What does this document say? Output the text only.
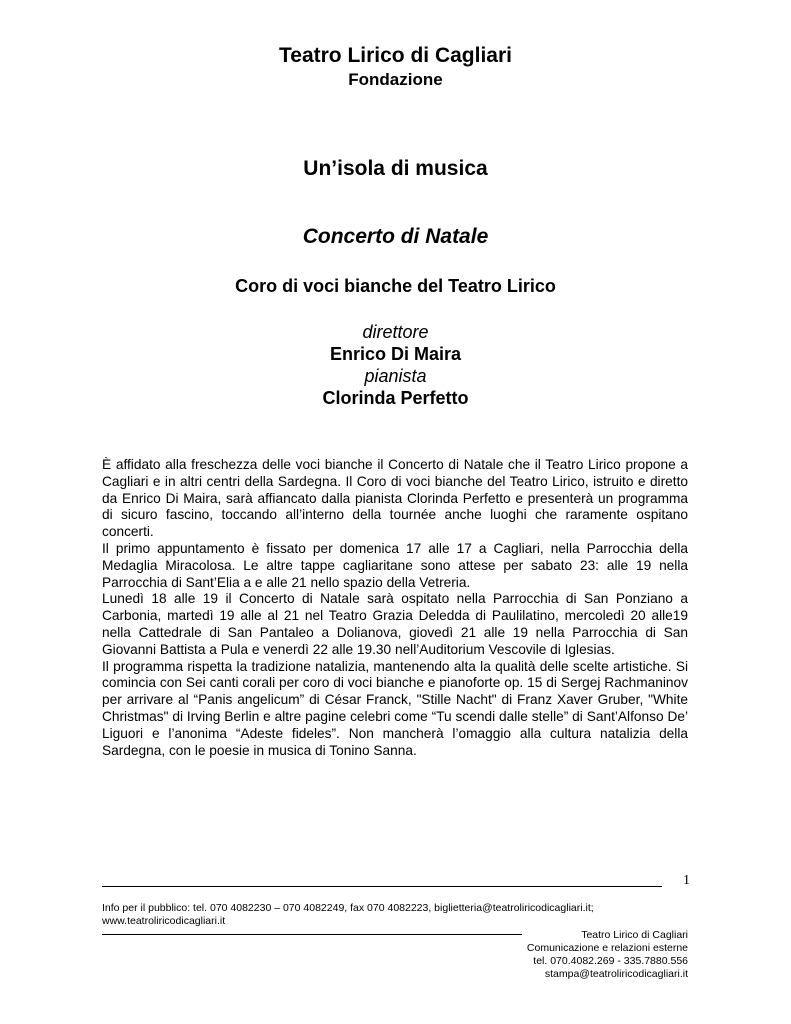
Teatro Lirico di Cagliari
Fondazione
Un’isola di musica
Concerto di Natale
Coro di voci bianche del Teatro Lirico
direttore
Enrico Di Maira
pianista
Clorinda Perfetto

È affidato alla freschezza delle voci bianche il Concerto di Natale che il Teatro Lirico propone a Cagliari e in altri centri della Sardegna. Il Coro di voci bianche del Teatro Lirico, istruito e diretto da Enrico Di Maira, sarà affiancato dalla pianista Clorinda Perfetto e presenterà un programma di sicuro fascino, toccando all’interno della tournée anche luoghi che raramente ospitano concerti.

Il primo appuntamento è fissato per domenica 17 alle 17 a Cagliari, nella Parrocchia della Medaglia Miracolosa. Le altre tappe cagliaritane sono attese per sabato 23: alle 19 nella Parrocchia di Sant’Elia a e alle 21 nello spazio della Vetreria.

Lunedì 18 alle 19 il Concerto di Natale sarà ospitato nella Parrocchia di San Ponziano a Carbonia, martedì 19 alle al 21 nel Teatro Grazia Deledda di Paulilatino, mercoledì 20 alle19 nella Cattedrale di San Pantaleo a Dolianova, giovedì 21 alle 19 nella Parrocchia di San Giovanni Battista a Pula e venerdì 22 alle 19.30 nell’Auditorium Vescovile di Iglesias.

Il programma rispetta la tradizione natalizia, mantenendo alta la qualità delle scelte artistiche. Si comincia con Sei canti corali per coro di voci bianche e pianoforte op. 15 di Sergej Rachmaninov per arrivare al “Panis angelicum” di César Franck, "Stille Nacht" di Franz Xaver Gruber, "White Christmas" di Irving Berlin e altre pagine celebri come “Tu scendi dalle stelle” di Sant’Alfonso De’ Liguori e l’anonima “Adeste fideles”. Non mancherà l’omaggio alla cultura natalizia della Sardegna, con le poesie in musica di Tonino Sanna.

1
Info per il pubblico: tel. 070 4082230 – 070 4082249, fax 070 4082223, biglietteria@teatroliricodicagliari.it;
www.teatroliricodicagliari.it
Teatro Lirico di Cagliari
Comunicazione e relazioni esterne
tel. 070.4082.269 - 335.7880.556
stampa@teatroliricodicagliari.it
